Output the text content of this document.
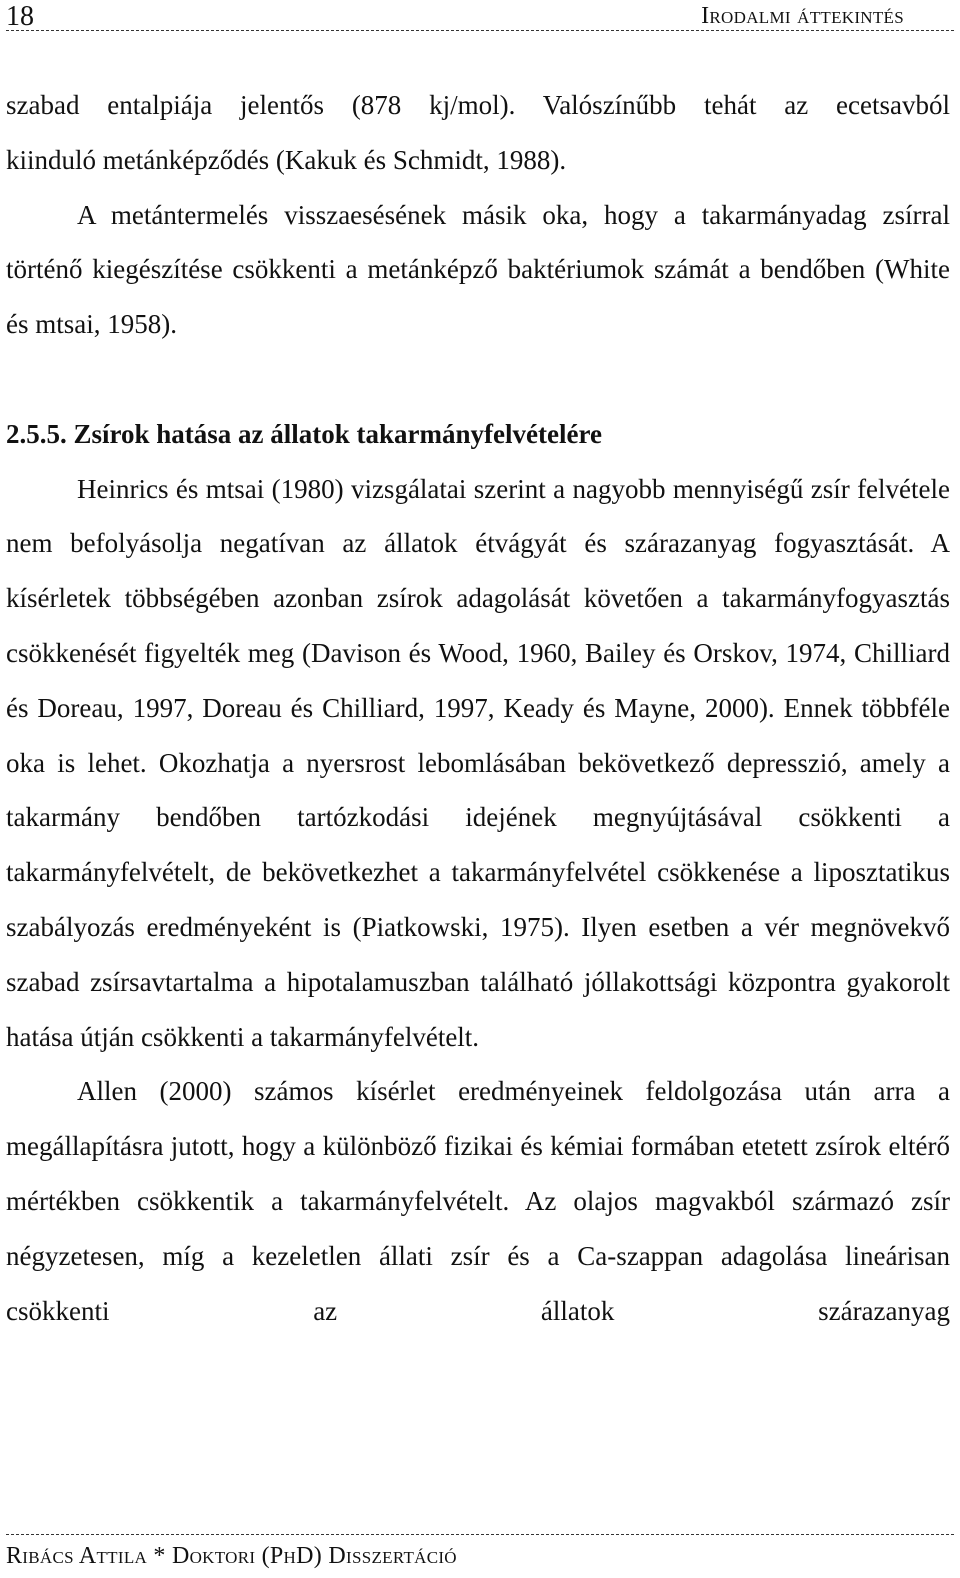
18	Irodalmi áttekintés

szabad entalpiája jelentős (878 kj/mol). Valószínűbb tehát az ecetsavból

kiinduló metánképződés (Kakuk és Schmidt, 1988).

A metántermelés visszaesésének másik oka, hogy a takarmányadag zsírral történő kiegészítése csökkenti a metánképző baktériumok számát a bendőben (White és mtsai, 1958).

2.5.5. Zsírok hatása az állatok takarmányfelvételére

Heinrics és mtsai (1980) vizsgálatai szerint a nagyobb mennyiségű zsír felvétele nem befolyásolja negatívan az állatok étvágyát és szárazanyag fogyasztását. A kísérletek többségében azonban zsírok adagolását követően a takarmányfogyasztás csökkenését figyelték meg (Davison és Wood, 1960, Bailey és Orskov, 1974, Chilliard és Doreau, 1997, Doreau és Chilliard, 1997, Keady és Mayne, 2000). Ennek többféle oka is lehet. Okozhatja a nyersrost lebomlásában bekövetkező depresszió, amely a takarmány bendőben tartózkodási idejének megnyújtásával csökkenti a takarmányfelvételt, de bekövetkezhet a takarmányfelvétel csökkenése a liposztatikus szabályozás eredményeként is (Piatkowski, 1975). Ilyen esetben a vér megnövekvő szabad zsírsavtartalma a hipotalamuszban található jóllakottsági központra gyakorolt hatása útján csökkenti a takarmányfelvételt.

Allen (2000) számos kísérlet eredményeinek feldolgozása után arra a megállapításra jutott, hogy a különböző fizikai és kémiai formában etetett zsírok eltérő mértékben csökkentik a takarmányfelvételt. Az olajos magvakból származó zsír négyzetesen, míg a kezeletlen állati zsír és a Ca-szappan adagolása lineárisan csökkenti az állatok szárazanyag

Ribács Attila * Doktori (PhD) Disszertáció
